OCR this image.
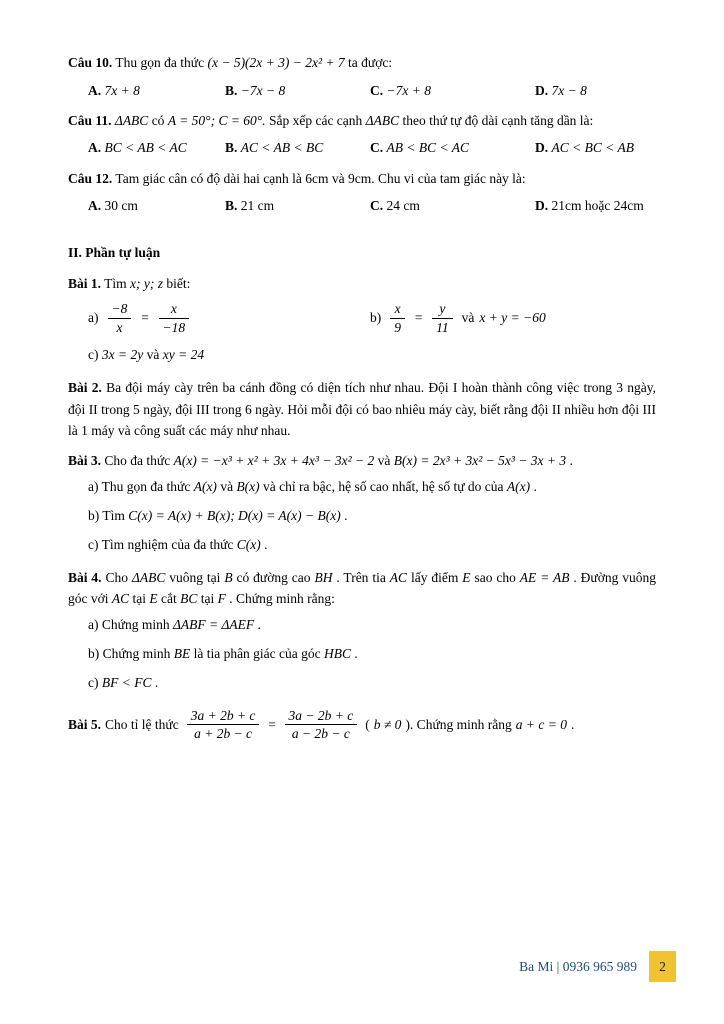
Câu 10. Thu gọn đa thức (x − 5)(2x + 3) − 2x² + 7 ta được:

A. 7x + 8	B. −7x − 8	C. −7x + 8	D. 7x − 8

Câu 11. ΔABC có A = 50°; C = 60°. Sắp xếp các cạnh ΔABC theo thứ tự độ dài cạnh tăng dần là:

A. BC < AB < AC	B. AC < AB < BC	C. AB < BC < AC	D. AC < BC < AB

Câu 12. Tam giác cân có độ dài hai cạnh là 6cm và 9cm. Chu vi của tam giác này là:

A. 30 cm	B. 21 cm	C. 24 cm	D. 21cm hoặc 24cm
II. Phần tự luận

Bài 1. Tìm x; y; z biết:

$a) \frac{-8}{x} = \frac{x}{-18}$	$b) \frac{x}{9} = \frac{y}{11}$ và x + y = −60

c) 3x = 2y và xy = 24

Bài 2. Ba đội máy cày trên ba cánh đồng có diện tích như nhau. Đội I hoàn thành công việc trong 3 ngày, đội II trong 5 ngày, đội III trong 6 ngày. Hỏi mỗi đội có bao nhiêu máy cày, biết rằng đội II nhiều hơn đội III là 1 máy và công suất các máy như nhau.

Bài 3. Cho đa thức A(x) = −x³ + x² + 3x + 4x³ − 3x² − 2 và B(x) = 2x³ + 3x² − 5x³ − 3x + 3 .

a) Thu gọn đa thức A(x) và B(x) và chỉ ra bậc, hệ số cao nhất, hệ số tự do của A(x) .

b) Tìm C(x) = A(x) + B(x); D(x) = A(x) − B(x) .

c) Tìm nghiệm của đa thức C(x) .

Bài 4. Cho ΔABC vuông tại B có đường cao BH . Trên tia AC lấy điểm E sao cho AE = AB . Đường vuông góc với AC tại E cắt BC tại F . Chứng minh rằng:

a) Chứng minh ΔABF = ΔAEF .

b) Chứng minh BE là tia phân giác của góc HBC .

c) BF < FC .

Bài 5. Cho tỉ lệ thức $\frac{3a + 2b + c}{a + 2b - c} = \frac{3a - 2b + c}{a - 2b - c}$ ( b ≠ 0 ). Chứng minh rằng a + c = 0 .
Ba Mi | 0936 965 989	2
